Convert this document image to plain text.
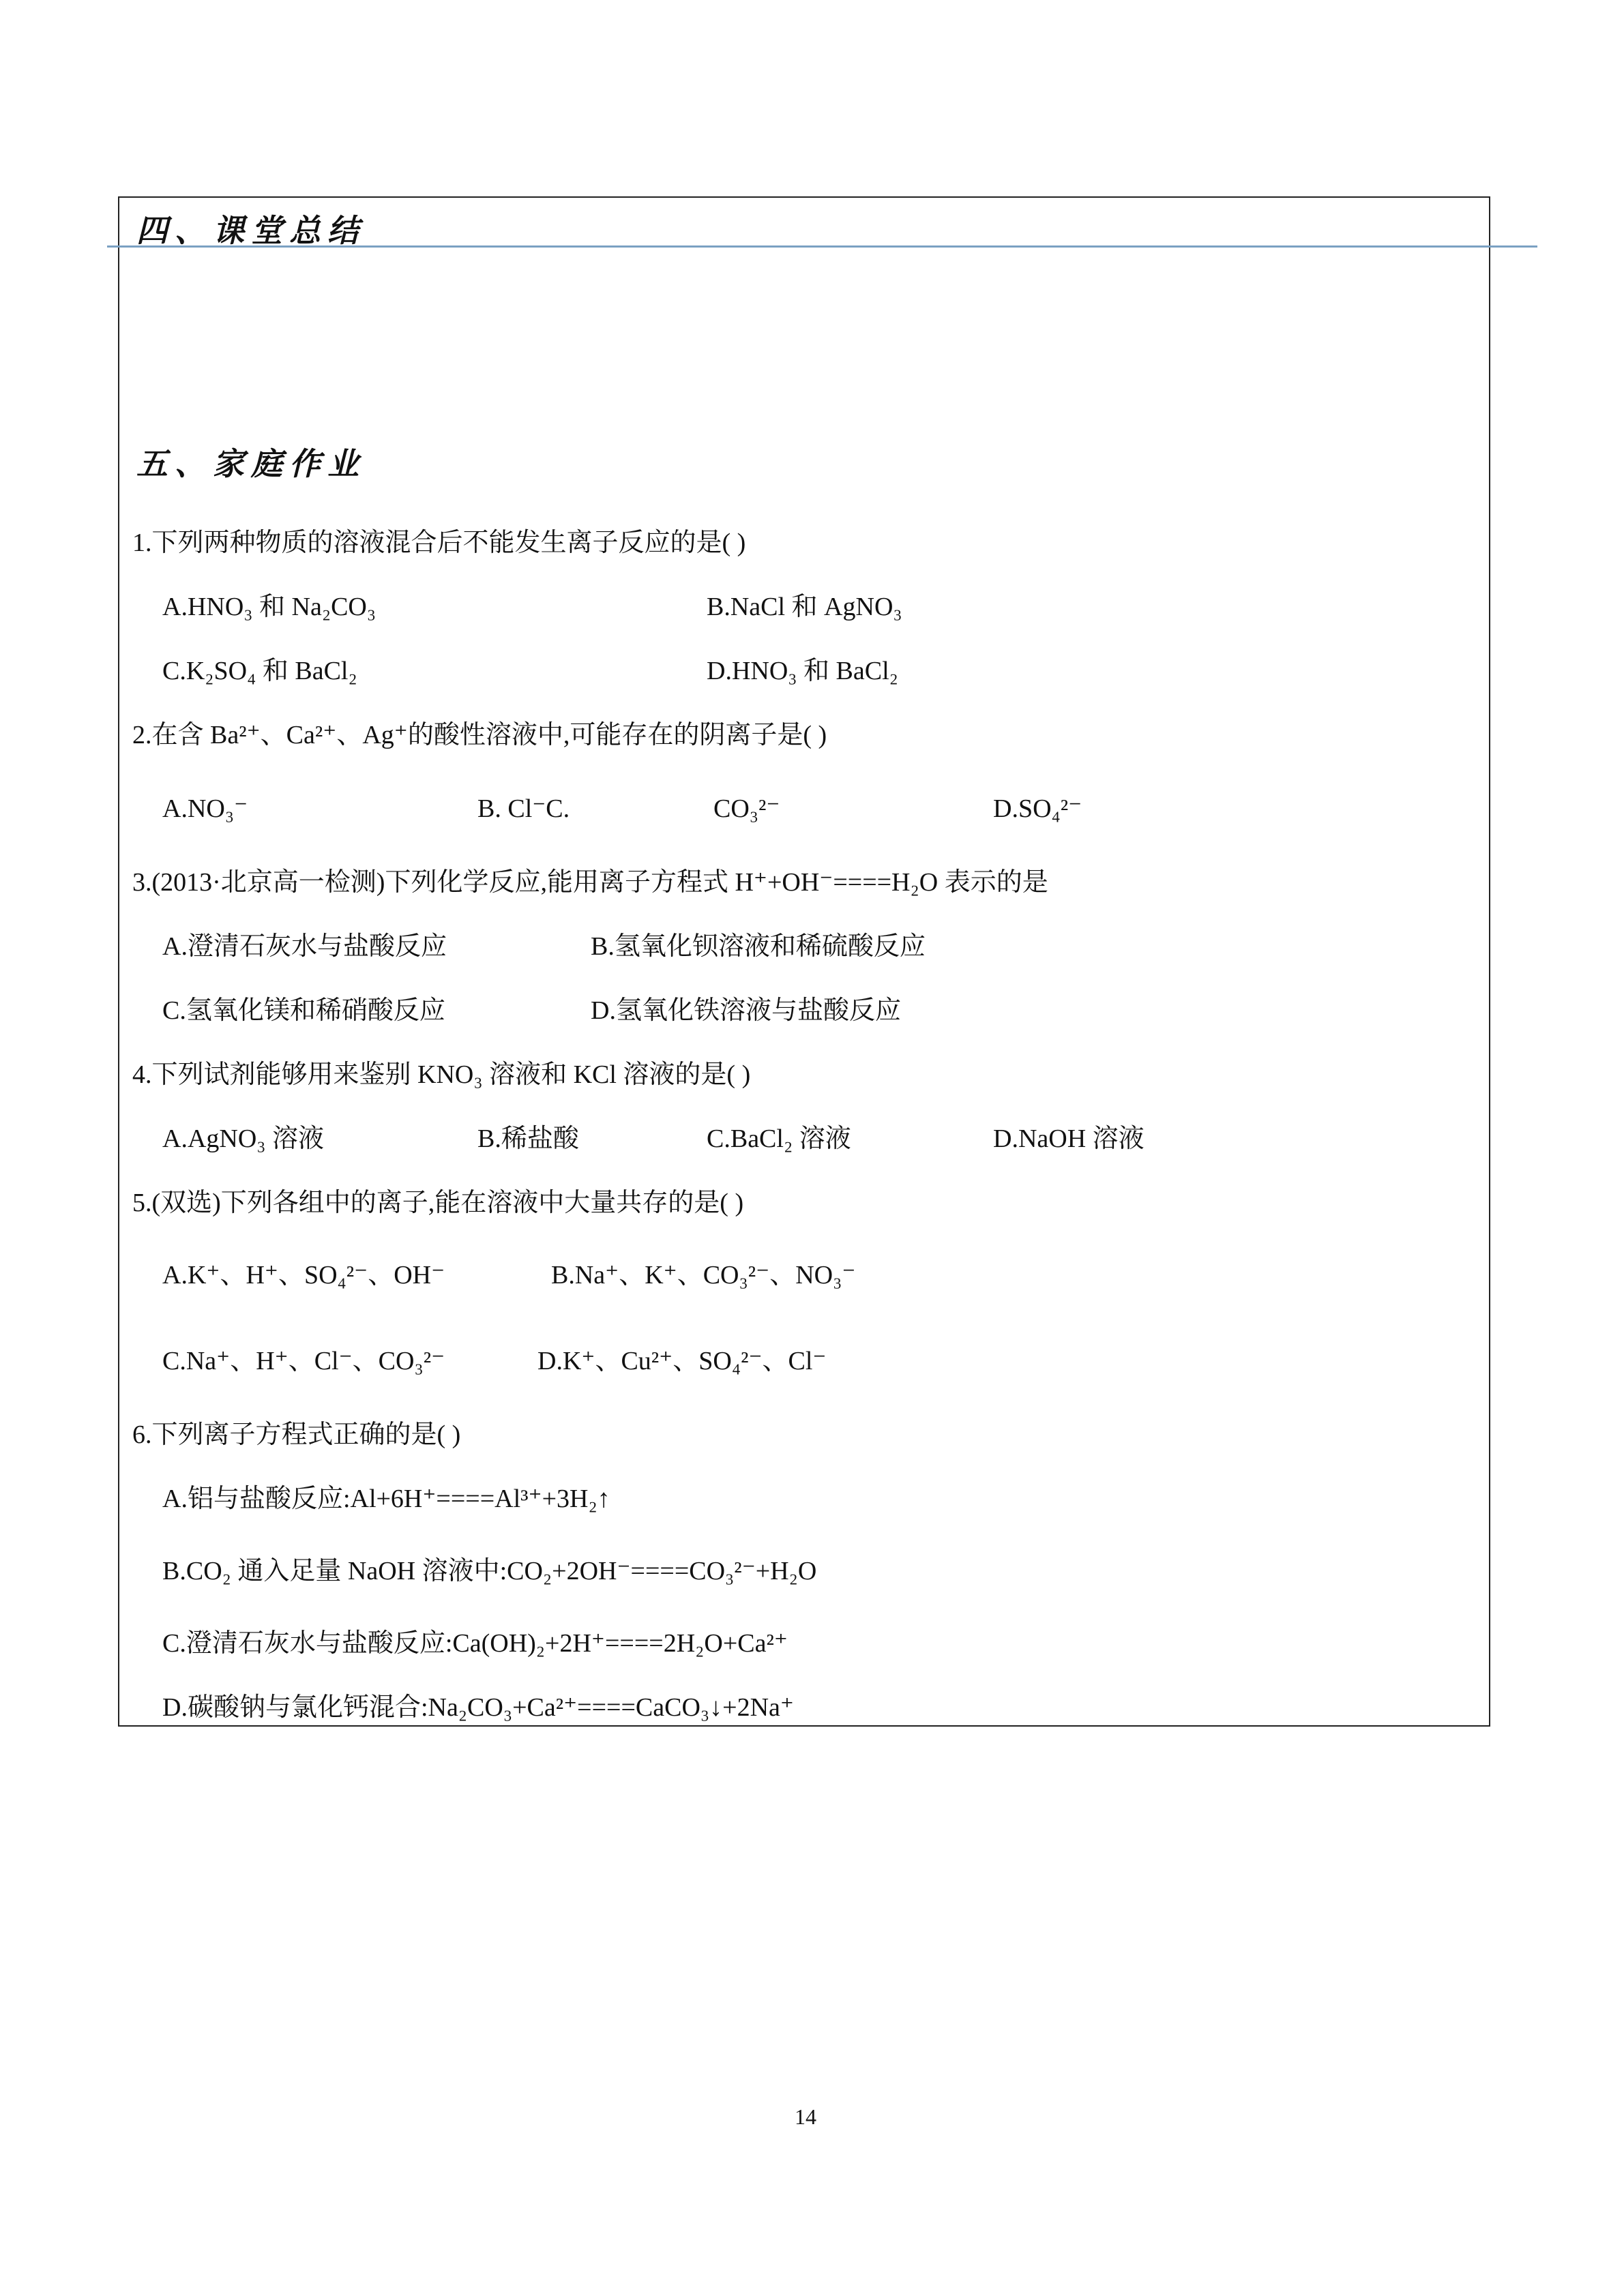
四、课堂总结
五、家庭作业
1.下列两种物质的溶液混合后不能发生离子反应的是( )
A.HNO₃ 和 Na₂CO₃	B.NaCl 和 AgNO₃
C.K₂SO₄ 和 BaCl₂	D.HNO₃ 和 BaCl₂
2.在含 Ba²⁺、Ca²⁺、Ag⁺的酸性溶液中,可能存在的阴离子是( )
A.NO₃⁻	B. Cl⁻C.	CO₃²⁻	D.SO₄²⁻
3.(2013·北京高一检测)下列化学反应,能用离子方程式 H⁺+OH⁻====H₂O 表示的是
A.澄清石灰水与盐酸反应	B.氢氧化钡溶液和稀硫酸反应
C.氢氧化镁和稀硝酸反应	D.氢氧化铁溶液与盐酸反应
4.下列试剂能够用来鉴别 KNO₃ 溶液和 KCl 溶液的是( )
A.AgNO₃ 溶液	B.稀盐酸	C.BaCl₂ 溶液	D.NaOH 溶液
5.(双选)下列各组中的离子,能在溶液中大量共存的是( )
A.K⁺、H⁺、SO₄²⁻、OH⁻	B.Na⁺、K⁺、CO₃²⁻、NO₃⁻
C.Na⁺、H⁺、Cl⁻、CO₃²⁻	D.K⁺、Cu²⁺、SO₄²⁻、Cl⁻
6.下列离子方程式正确的是( )
A.铝与盐酸反应:Al+6H⁺====Al³⁺+3H₂↑
B.CO₂ 通入足量 NaOH 溶液中:CO₂+2OH⁻====CO₃²⁻+H₂O
C.澄清石灰水与盐酸反应:Ca(OH)₂+2H⁺====2H₂O+Ca²⁺
D.碳酸钠与氯化钙混合:Na₂CO₃+Ca²⁺====CaCO₃↓+2Na⁺
14
